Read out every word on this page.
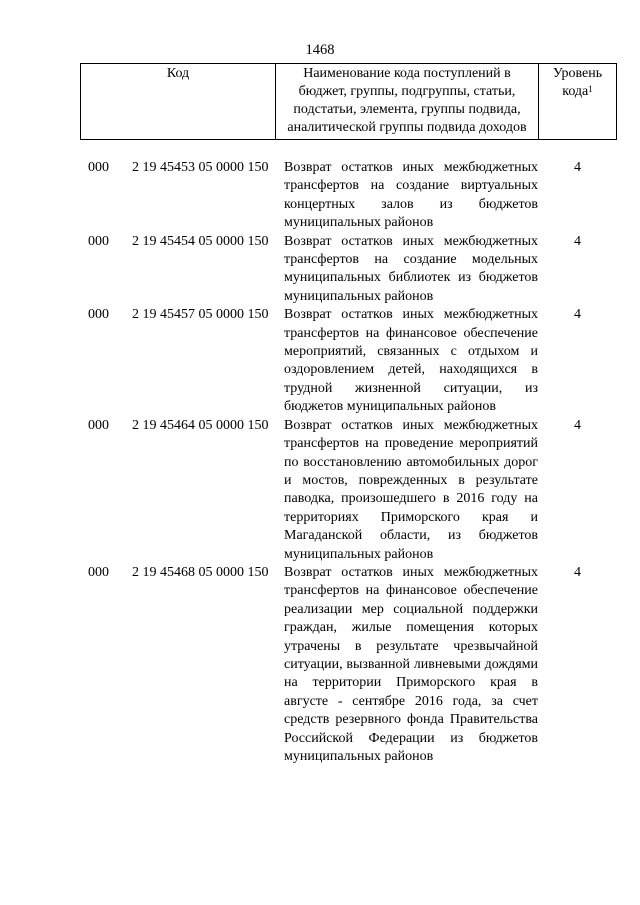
1468
Код	Наименование кода поступлений в бюджет, группы, подгруппы, статьи, подстатьи, элемента, группы подвида, аналитической группы подвида доходов	Уровень кода$^1$
000	2 19 45453 05 0000 150	Возврат остатков иных межбюджетных трансфертов на создание виртуальных концертных залов из бюджетов муниципальных районов	4
000	2 19 45454 05 0000 150	Возврат остатков иных межбюджетных трансфертов на создание модельных муниципальных библиотек из бюджетов муниципальных районов	4
000	2 19 45457 05 0000 150	Возврат остатков иных межбюджетных трансфертов на финансовое обеспечение мероприятий, связанных с отдыхом и оздоровлением детей, находящихся в трудной жизненной ситуации, из бюджетов муниципальных районов	4
000	2 19 45464 05 0000 150	Возврат остатков иных межбюджетных трансфертов на проведение мероприятий по восстановлению автомобильных дорог и мостов, поврежденных в результате паводка, произошедшего в 2016 году на территориях Приморского края и Магаданской области, из бюджетов муниципальных районов	4
000	2 19 45468 05 0000 150	Возврат остатков иных межбюджетных трансфертов на финансовое обеспечение реализации мер социальной поддержки граждан, жилые помещения которых утрачены в результате чрезвычайной ситуации, вызванной ливневыми дождями на территории Приморского края в августе - сентябре 2016 года, за счет средств резервного фонда Правительства Российской Федерации из бюджетов муниципальных районов	4
